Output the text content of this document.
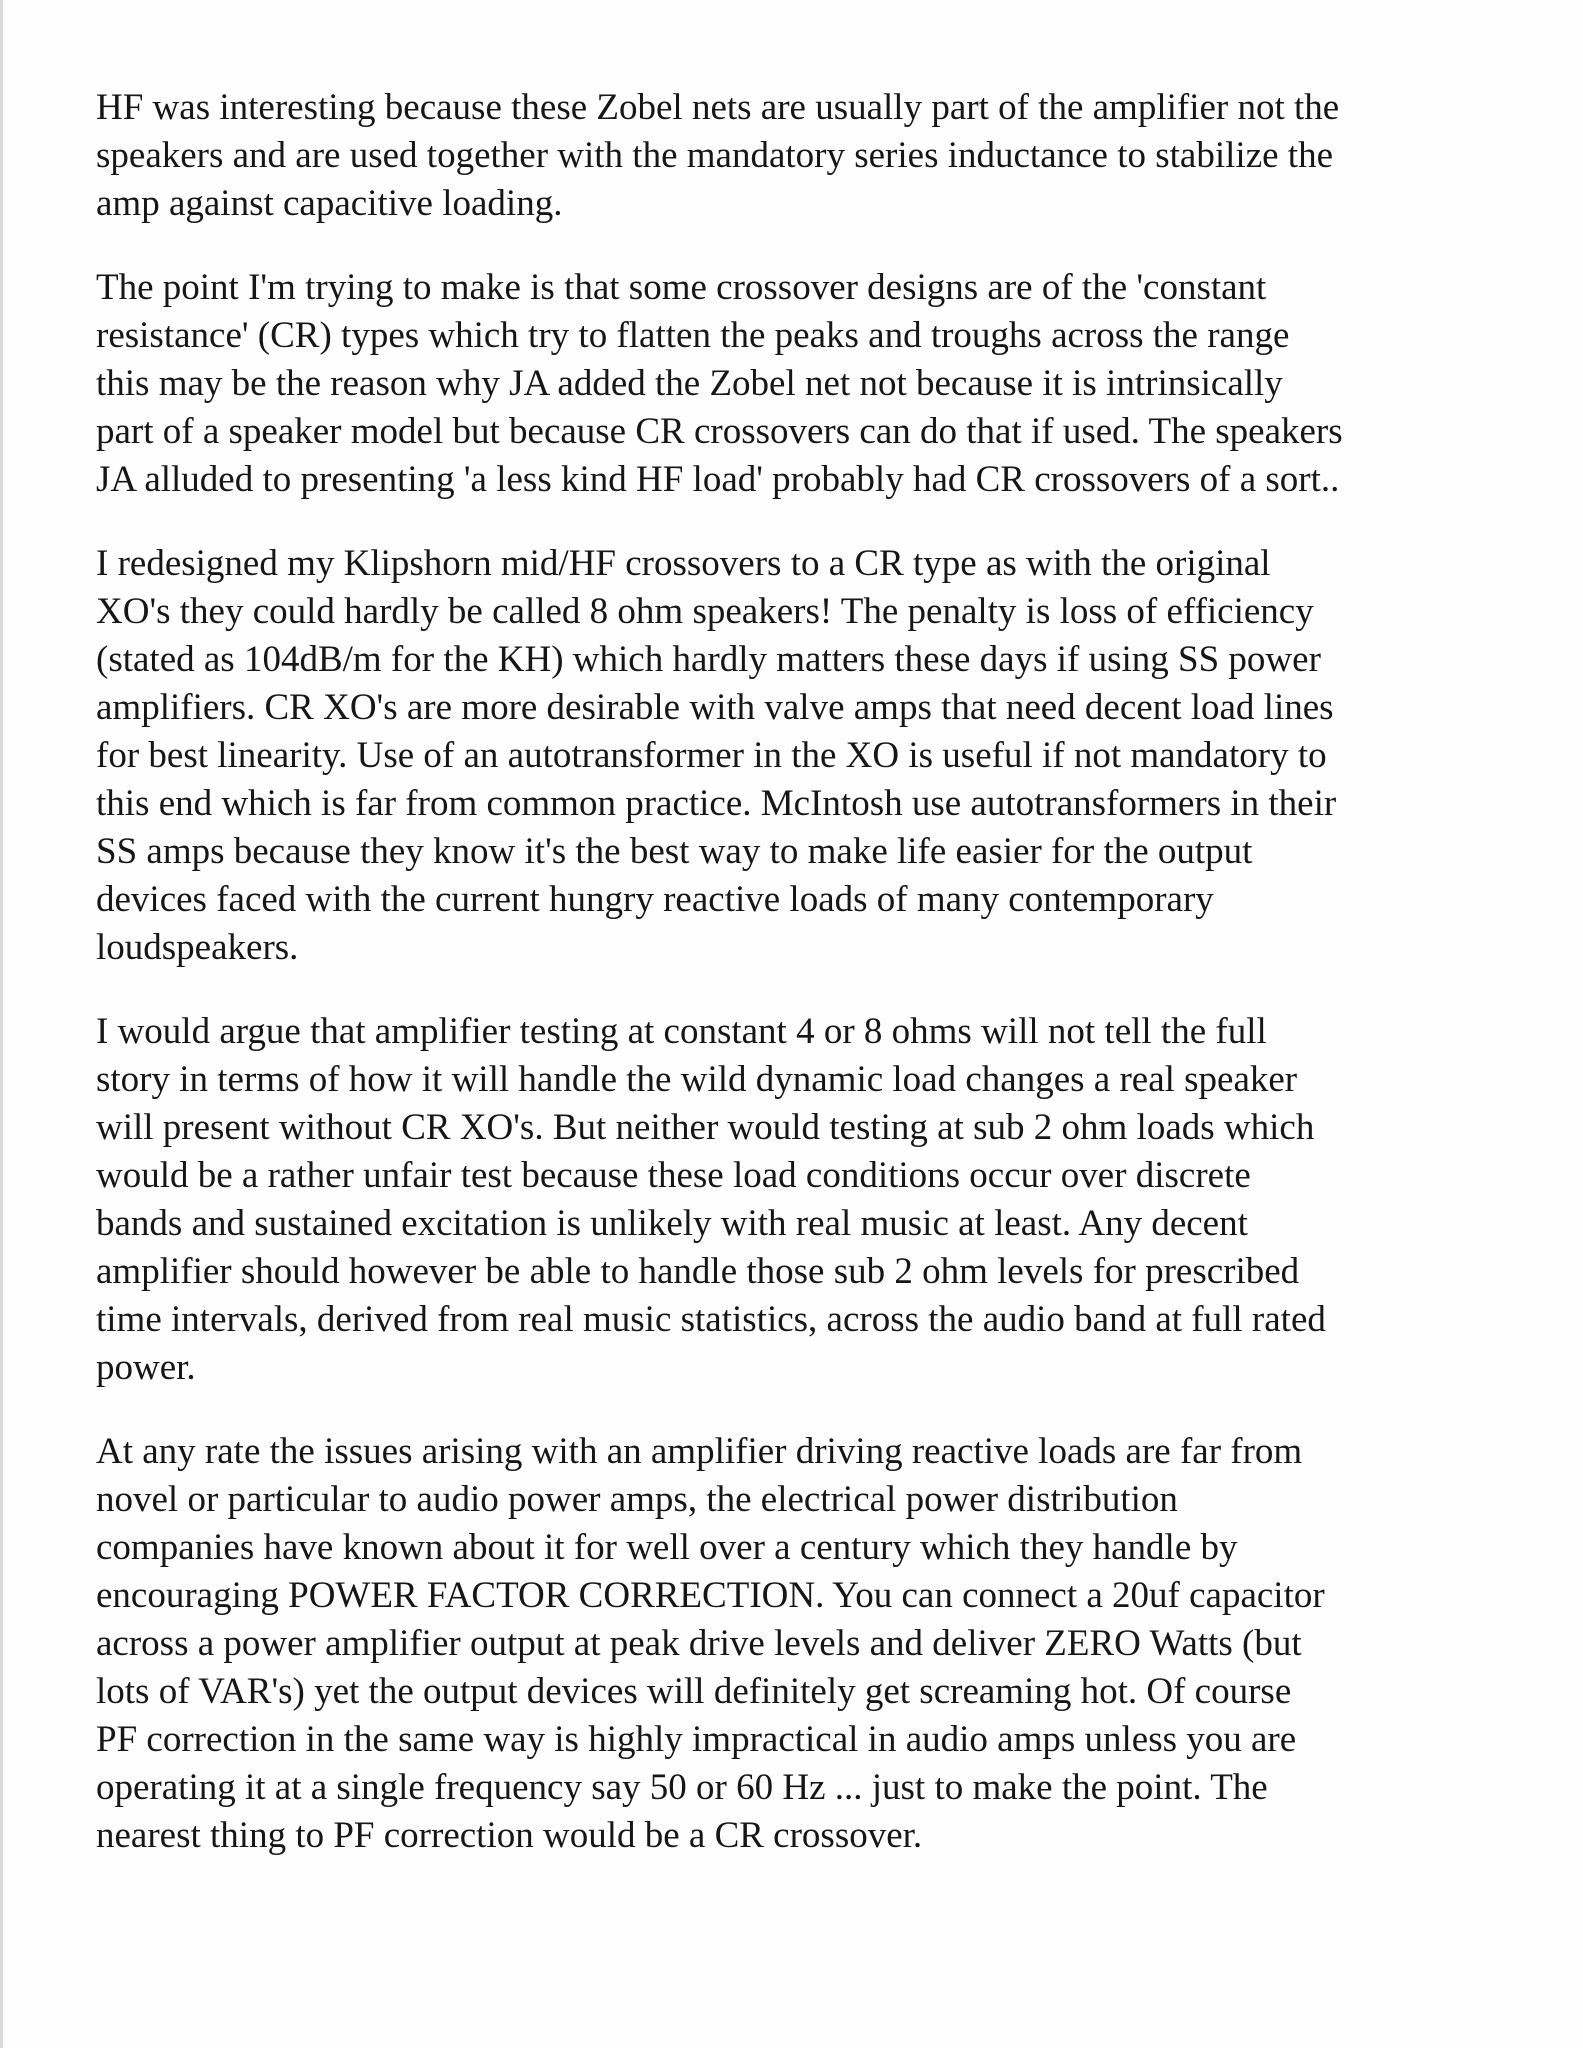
HF was interesting because these Zobel nets are usually part of the amplifier not the
speakers and are used together with the mandatory series inductance to stabilize the
amp against capacitive loading.

The point I'm trying to make is that some crossover designs are of the 'constant
resistance' (CR) types which try to flatten the peaks and troughs across the range
this may be the reason why JA added the Zobel net not because it is intrinsically
part of a speaker model but because CR crossovers can do that if used. The speakers
JA alluded to presenting 'a less kind HF load' probably had CR crossovers of a sort..

I redesigned my Klipshorn mid/HF crossovers to a CR type as with the original
XO's they could hardly be called 8 ohm speakers! The penalty is loss of efficiency
(stated as 104dB/m for the KH) which hardly matters these days if using SS power
amplifiers. CR XO's are more desirable with valve amps that need decent load lines
for best linearity. Use of an autotransformer in the XO is useful if not mandatory to
this end which is far from common practice. McIntosh use autotransformers in their
SS amps because they know it's the best way to make life easier for the output
devices faced with the current hungry reactive loads of many contemporary
loudspeakers.

I would argue that amplifier testing at constant 4 or 8 ohms will not tell the full
story in terms of how it will handle the wild dynamic load changes a real speaker
will present without CR XO's. But neither would testing at sub 2 ohm loads which
would be a rather unfair test because these load conditions occur over discrete
bands and sustained excitation is unlikely with real music at least. Any decent
amplifier should however be able to handle those sub 2 ohm levels for prescribed
time intervals, derived from real music statistics, across the audio band at full rated
power.

At any rate the issues arising with an amplifier driving reactive loads are far from
novel or particular to audio power amps, the electrical power distribution
companies have known about it for well over a century which they handle by
encouraging POWER FACTOR CORRECTION. You can connect a 20uf capacitor
across a power amplifier output at peak drive levels and deliver ZERO Watts (but
lots of VAR's) yet the output devices will definitely get screaming hot. Of course
PF correction in the same way is highly impractical in audio amps unless you are
operating it at a single frequency say 50 or 60 Hz ... just to make the point. The
nearest thing to PF correction would be a CR crossover.
